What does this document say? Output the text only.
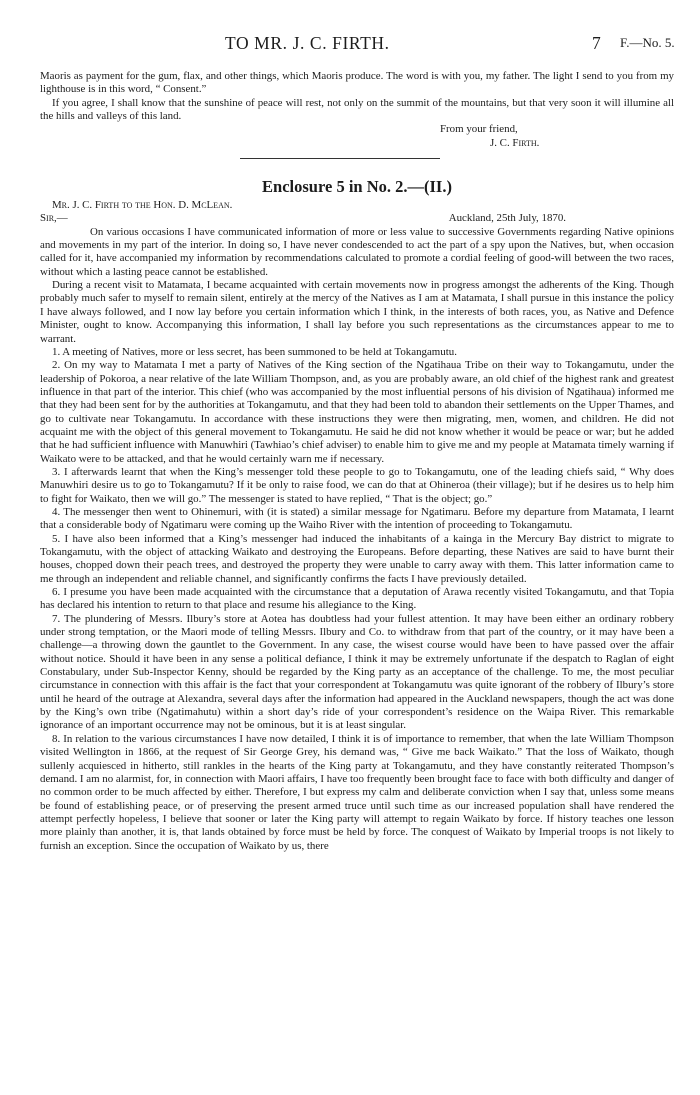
TO MR. J. C. FIRTH.	7 F.—No. 5.

Maoris as payment for the gum, flax, and other things, which Maoris produce. The word is with you, my father. The light I send to you from my lighthouse is in this word, “ Consent.”

If you agree, I shall know that the sunshine of peace will rest, not only on the summit of the mountains, but that very soon it will illumine all the hills and valleys of this land.

From your friend,

J. C. Firth.

Enclosure 5 in No. 2.—(II.)

Mr. J. C. Firth to the Hon. D. McLean.

Sir,—	Auckland, 25th July, 1870.

On various occasions I have communicated information of more or less value to successive Governments regarding Native opinions and movements in my part of the interior. In doing so, I have never condescended to act the part of a spy upon the Natives, but, when occasion called for it, have accompanied my information by recommendations calculated to promote a cordial feeling of good-will between the two races, without which a lasting peace cannot be established.

During a recent visit to Matamata, I became acquainted with certain movements now in progress amongst the adherents of the King. Though probably much safer to myself to remain silent, entirely at the mercy of the Natives as I am at Matamata, I shall pursue in this instance the policy I have always followed, and I now lay before you certain information which I think, in the interests of both races, you, as Native and Defence Minister, ought to know. Accompanying this information, I shall lay before you such representations as the circumstances appear to me to warrant.

1. A meeting of Natives, more or less secret, has been summoned to be held at Tokangamutu.

2. On my way to Matamata I met a party of Natives of the King section of the Ngatihaua Tribe on their way to Tokangamutu, under the leadership of Pokoroa, a near relative of the late William Thompson, and, as you are probably aware, an old chief of the highest rank and greatest influence in that part of the interior. This chief (who was accompanied by the most influential persons of his division of Ngatihaua) informed me that they had been sent for by the authorities at Tokangamutu, and that they had been told to abandon their settlements on the Upper Thames, and go to cultivate near Tokangamutu. In accordance with these instructions they were then migrating, men, women, and children. He did not acquaint me with the object of this general movement to Tokangamutu. He said he did not know whether it would be peace or war; but he added that he had sufficient influence with Manuwhiri (Tawhiao’s chief adviser) to enable him to give me and my people at Matamata timely warning if Waikato were to be attacked, and that he would certainly warn me if necessary.

3. I afterwards learnt that when the King’s messenger told these people to go to Tokangamutu, one of the leading chiefs said, “ Why does Manuwhiri desire us to go to Tokangamutu? If it be only to raise food, we can do that at Ohineroa (their village); but if he desires us to help him to fight for Waikato, then we will go.” The messenger is stated to have replied, “ That is the object; go.”

4. The messenger then went to Ohinemuri, with (it is stated) a similar message for Ngatimaru. Before my departure from Matamata, I learnt that a considerable body of Ngatimaru were coming up the Waiho River with the intention of proceeding to Tokangamutu.

5. I have also been informed that a King’s messenger had induced the inhabitants of a kainga in the Mercury Bay district to migrate to Tokangamutu, with the object of attacking Waikato and destroying the Europeans. Before departing, these Natives are said to have burnt their houses, chopped down their peach trees, and destroyed the property they were unable to carry away with them. This latter information came to me through an independent and reliable channel, and significantly confirms the facts I have previously detailed.

6. I presume you have been made acquainted with the circumstance that a deputation of Arawa recently visited Tokangamutu, and that Topia has declared his intention to return to that place and resume his allegiance to the King.

7. The plundering of Messrs. Ilbury’s store at Aotea has doubtless had your fullest attention. It may have been either an ordinary robbery under strong temptation, or the Maori mode of telling Messrs. Ilbury and Co. to withdraw from that part of the country, or it may have been a challenge—a throwing down the gauntlet to the Government. In any case, the wisest course would have been to have passed over the affair without notice. Should it have been in any sense a political defiance, I think it may be extremely unfortunate if the despatch to Raglan of eight Constabulary, under Sub-Inspector Kenny, should be regarded by the King party as an acceptance of the challenge. To me, the most peculiar circumstance in connection with this affair is the fact that your correspondent at Tokangamutu was quite ignorant of the robbery of Ilbury’s store until he heard of the outrage at Alexandra, several days after the information had appeared in the Auckland newspapers, though the act was done by the King’s own tribe (Ngatimahutu) within a short day’s ride of your correspondent’s residence on the Waipa River. This remarkable ignorance of an important occurrence may not be ominous, but it is at least singular.

8. In relation to the various circumstances I have now detailed, I think it is of importance to remember, that when the late William Thompson visited Wellington in 1866, at the request of Sir George Grey, his demand was, “ Give me back Waikato.” That the loss of Waikato, though sullenly acquiesced in hitherto, still rankles in the hearts of the King party at Tokangamutu, and they have constantly reiterated Thompson’s demand. I am no alarmist, for, in connection with Maori affairs, I have too frequently been brought face to face with both difficulty and danger of no common order to be much affected by either. Therefore, I but express my calm and deliberate conviction when I say that, unless some means be found of establishing peace, or of preserving the present armed truce until such time as our increased population shall have rendered the attempt perfectly hopeless, I believe that sooner or later the King party will attempt to regain Waikato by force. If history teaches one lesson more plainly than another, it is, that lands obtained by force must be held by force. The conquest of Waikato by Imperial troops is not likely to furnish an exception. Since the occupation of Waikato by us, there
